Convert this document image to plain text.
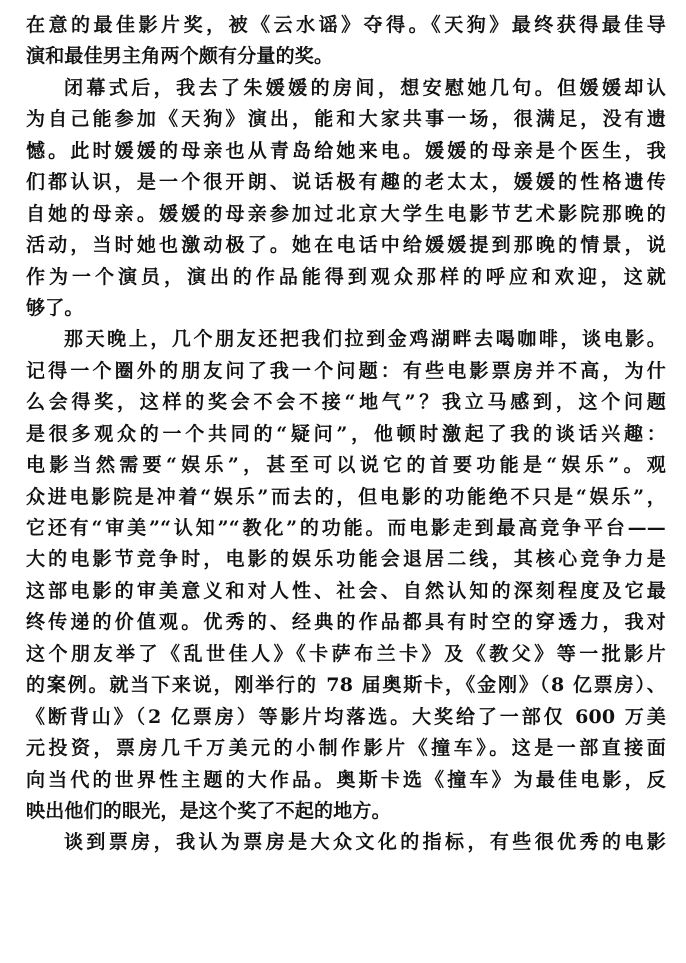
在意的最佳影片奖，被《云水谣》夺得。《天狗》最终获得最佳导
演和最佳男主角两个颇有分量的奖。
闭幕式后，我去了朱媛媛的房间，想安慰她几句。但媛媛却认
为自己能参加《天狗》演出，能和大家共事一场，很满足，没有遗
憾。此时媛媛的母亲也从青岛给她来电。媛媛的母亲是个医生，我
们都认识，是一个很开朗、说话极有趣的老太太，媛媛的性格遗传
自她的母亲。媛媛的母亲参加过北京大学生电影节艺术影院那晚的
活动，当时她也激动极了。她在电话中给媛媛提到那晚的情景，说
作为一个演员，演出的作品能得到观众那样的呼应和欢迎，这就
够了。
那天晚上，几个朋友还把我们拉到金鸡湖畔去喝咖啡，谈电影。
记得一个圈外的朋友问了我一个问题：有些电影票房并不高，为什
么会得奖，这样的奖会不会不接“地气”？我立马感到，这个问题
是很多观众的一个共同的“疑问”，他顿时激起了我的谈话兴趣：
电影当然需要“娱乐”，甚至可以说它的首要功能是“娱乐”。观
众进电影院是冲着“娱乐”而去的，但电影的功能绝不只是“娱乐”，
它还有“审美”“认知”“教化”的功能。而电影走到最高竞争平台——
大的电影节竞争时，电影的娱乐功能会退居二线，其核心竞争力是
这部电影的审美意义和对人性、社会、自然认知的深刻程度及它最
终传递的价值观。优秀的、经典的作品都具有时空的穿透力，我对
这个朋友举了《乱世佳人》《卡萨布兰卡》及《教父》等一批影片
的案例。就当下来说，刚举行的 78 届奥斯卡，《金刚》（8 亿票房）、
《断背山》（2 亿票房）等影片均落选。大奖给了一部仅 600 万美
元投资，票房几千万美元的小制作影片《撞车》。这是一部直接面
向当代的世界性主题的大作品。奥斯卡选《撞车》为最佳电影，反
映出他们的眼光，是这个奖了不起的地方。
谈到票房，我认为票房是大众文化的指标，有些很优秀的电影
